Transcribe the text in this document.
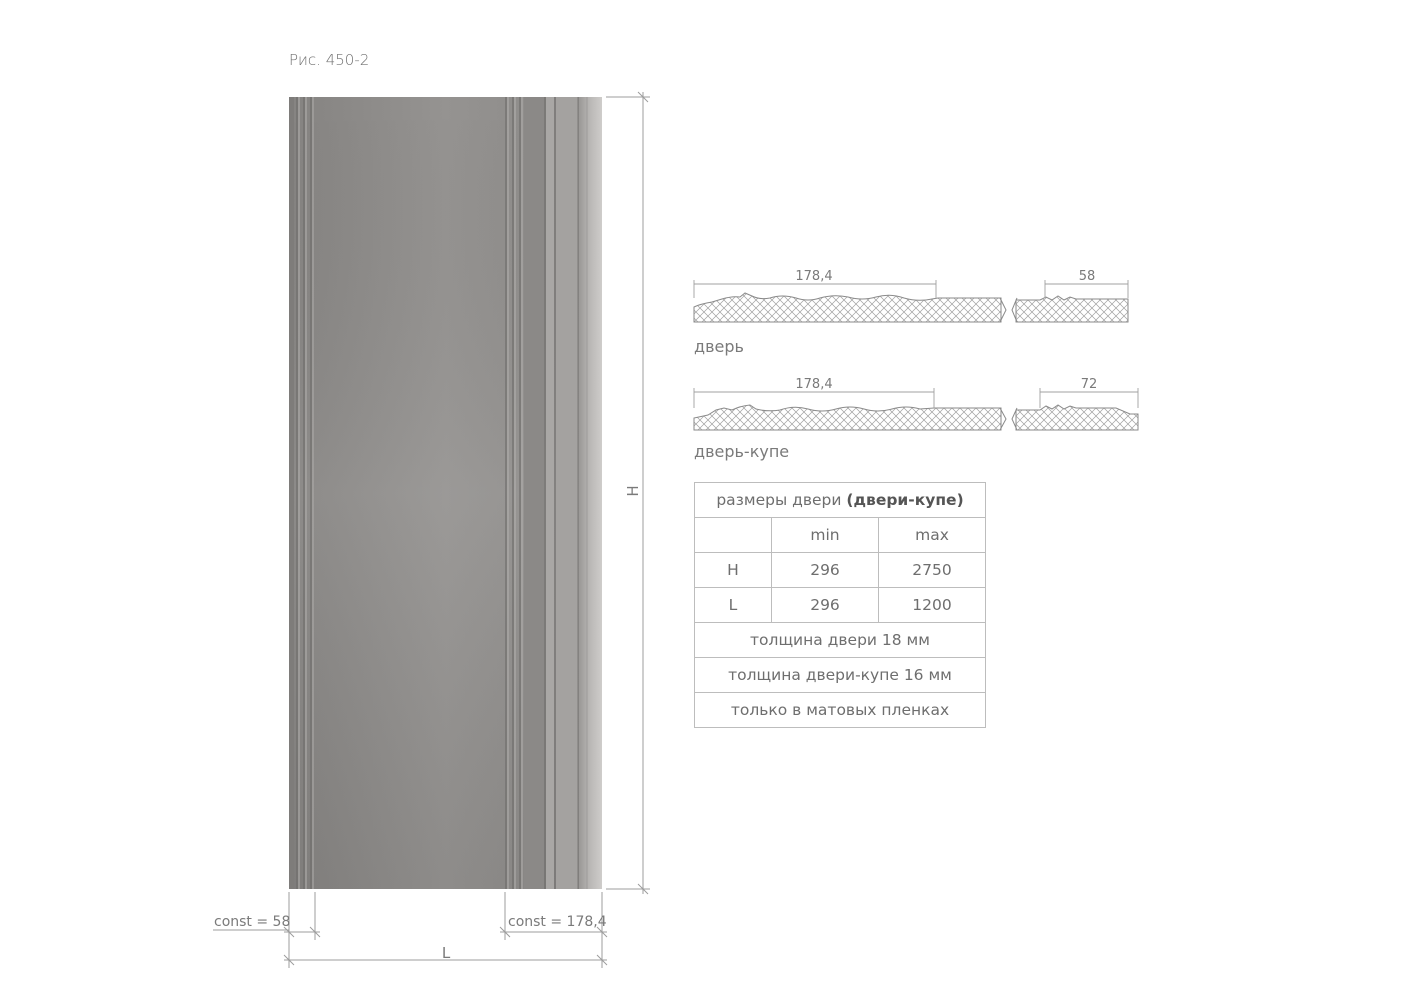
Рис. 450-2
H
const = 58	const = 178,4
L
178,4	58
дверь
178,4	72
дверь-купе
размеры двери (двери-купе)		
	min	max
H	296	2750
L	296	1200
толщина двери 18 мм		
толщина двери-купе 16 мм		
только в матовых пленках		
